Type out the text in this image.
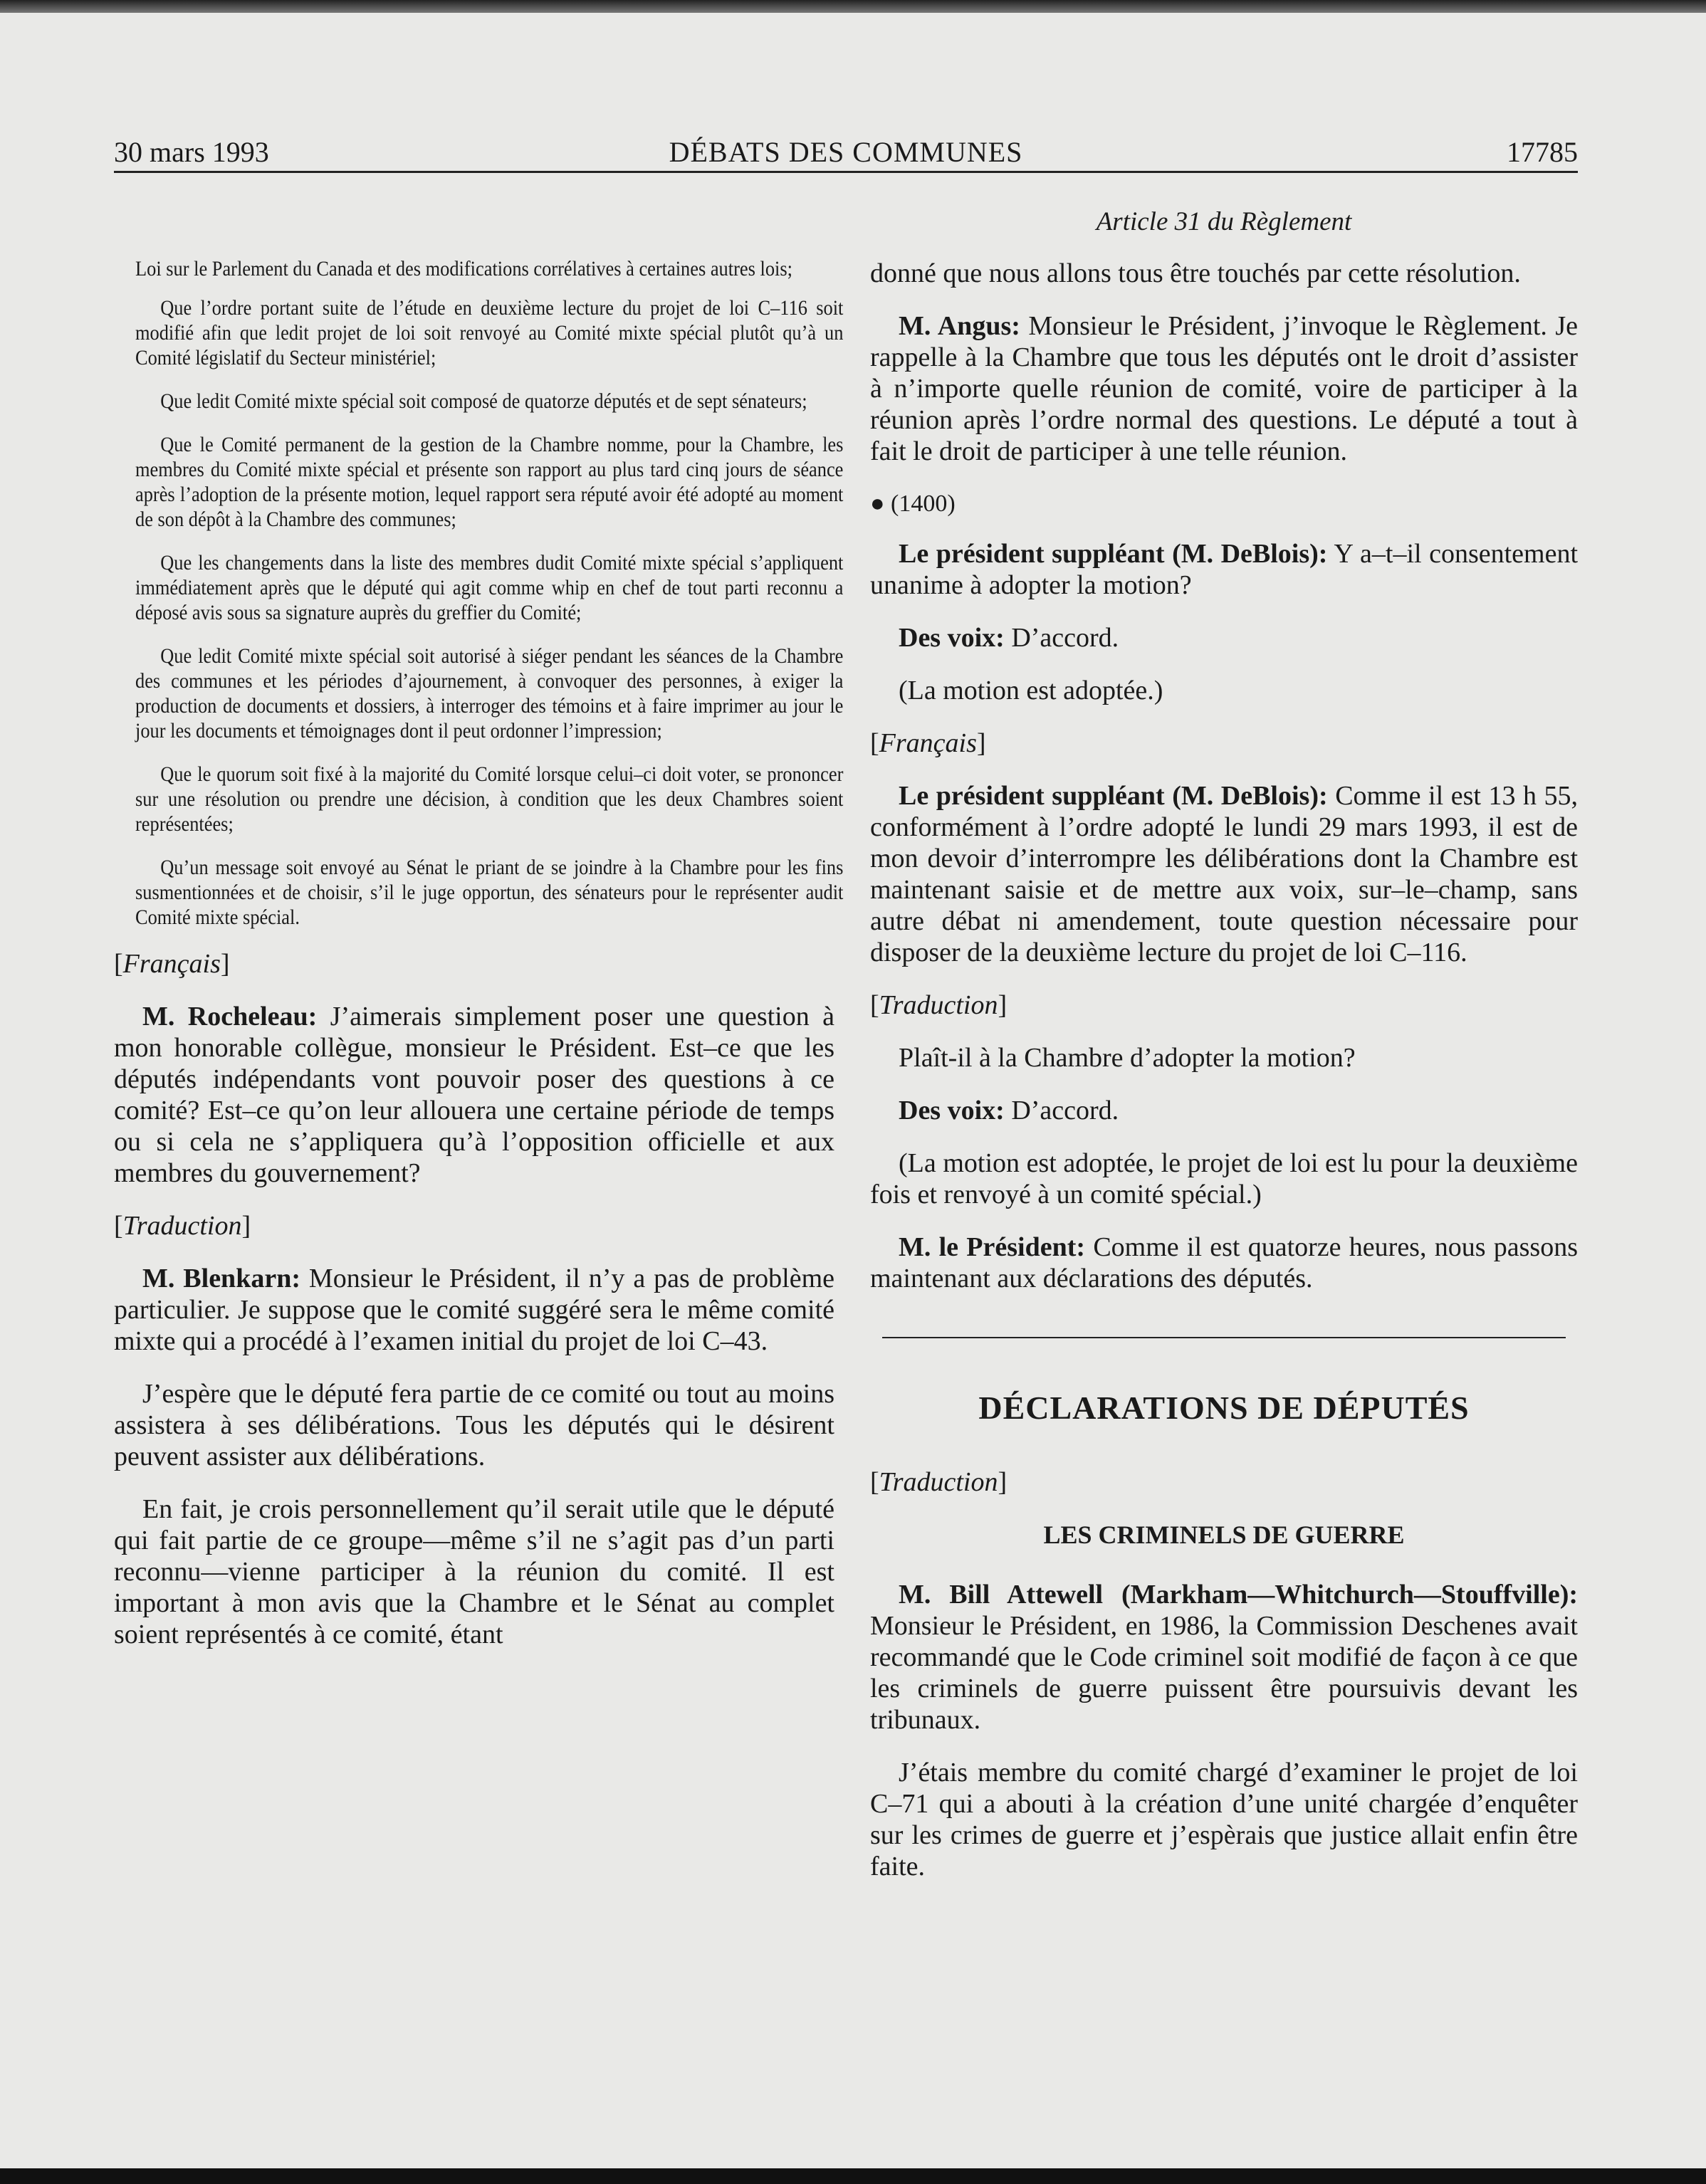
30 mars 1993	DÉBATS DES COMMUNES	17785
Article 31 du Règlement

Loi sur le Parlement du Canada et des modifications corrélatives à certaines autres lois;

Que l’ordre portant suite de l’étude en deuxième lecture du projet de loi C–116 soit modifié afin que ledit projet de loi soit renvoyé au Comité mixte spécial plutôt qu’à un Comité législatif du Secteur ministériel;

Que ledit Comité mixte spécial soit composé de quatorze députés et de sept sénateurs;

Que le Comité permanent de la gestion de la Chambre nomme, pour la Chambre, les membres du Comité mixte spécial et présente son rapport au plus tard cinq jours de séance après l’adoption de la présente motion, lequel rapport sera réputé avoir été adopté au moment de son dépôt à la Chambre des communes;

Que les changements dans la liste des membres dudit Comité mixte spécial s’appliquent immédiatement après que le député qui agit comme whip en chef de tout parti reconnu a déposé avis sous sa signature auprès du greffier du Comité;

Que ledit Comité mixte spécial soit autorisé à siéger pendant les séances de la Chambre des communes et les périodes d’ajournement, à convoquer des personnes, à exiger la production de documents et dossiers, à interroger des témoins et à faire imprimer au jour le jour les documents et témoignages dont il peut ordonner l’impression;

Que le quorum soit fixé à la majorité du Comité lorsque celui–ci doit voter, se prononcer sur une résolution ou prendre une décision, à condition que les deux Chambres soient représentées;

Qu’un message soit envoyé au Sénat le priant de se joindre à la Chambre pour les fins susmentionnées et de choisir, s’il le juge opportun, des sénateurs pour le représenter audit Comité mixte spécial.

[Français]

M. Rocheleau: J’aimerais simplement poser une question à mon honorable collègue, monsieur le Président. Est–ce que les députés indépendants vont pouvoir poser des questions à ce comité? Est–ce qu’on leur allouera une certaine période de temps ou si cela ne s’appliquera qu’à l’opposition officielle et aux membres du gouvernement?

[Traduction]

M. Blenkarn: Monsieur le Président, il n’y a pas de problème particulier. Je suppose que le comité suggéré sera le même comité mixte qui a procédé à l’examen initial du projet de loi C–43.

J’espère que le député fera partie de ce comité ou tout au moins assistera à ses délibérations. Tous les députés qui le désirent peuvent assister aux délibérations.

En fait, je crois personnellement qu’il serait utile que le député qui fait partie de ce groupe—même s’il ne s’agit pas d’un parti reconnu—vienne participer à la réunion du comité. Il est important à mon avis que la Chambre et le Sénat au complet soient représentés à ce comité, étant

donné que nous allons tous être touchés par cette résolution.

M. Angus: Monsieur le Président, j’invoque le Règlement. Je rappelle à la Chambre que tous les députés ont le droit d’assister à n’importe quelle réunion de comité, voire de participer à la réunion après l’ordre normal des questions. Le député a tout à fait le droit de participer à une telle réunion.

● (1400)

Le président suppléant (M. DeBlois): Y a–t–il consentement unanime à adopter la motion?

Des voix: D’accord.

(La motion est adoptée.)

[Français]

Le président suppléant (M. DeBlois): Comme il est 13 h 55, conformément à l’ordre adopté le lundi 29 mars 1993, il est de mon devoir d’interrompre les délibérations dont la Chambre est maintenant saisie et de mettre aux voix, sur–le–champ, sans autre débat ni amendement, toute question nécessaire pour disposer de la deuxième lecture du projet de loi C–116.

[Traduction]

Plaît-il à la Chambre d’adopter la motion?

Des voix: D’accord.

(La motion est adoptée, le projet de loi est lu pour la deuxième fois et renvoyé à un comité spécial.)

M. le Président: Comme il est quatorze heures, nous passons maintenant aux déclarations des députés.

DÉCLARATIONS DE DÉPUTÉS
[Traduction]
LES CRIMINELS DE GUERRE

M. Bill Attewell (Markham—Whitchurch—Stouffville): Monsieur le Président, en 1986, la Commission Deschenes avait recommandé que le Code criminel soit modifié de façon à ce que les criminels de guerre puissent être poursuivis devant les tribunaux.

J’étais membre du comité chargé d’examiner le projet de loi C–71 qui a abouti à la création d’une unité chargée d’enquêter sur les crimes de guerre et j’espèrais que justice allait enfin être faite.
